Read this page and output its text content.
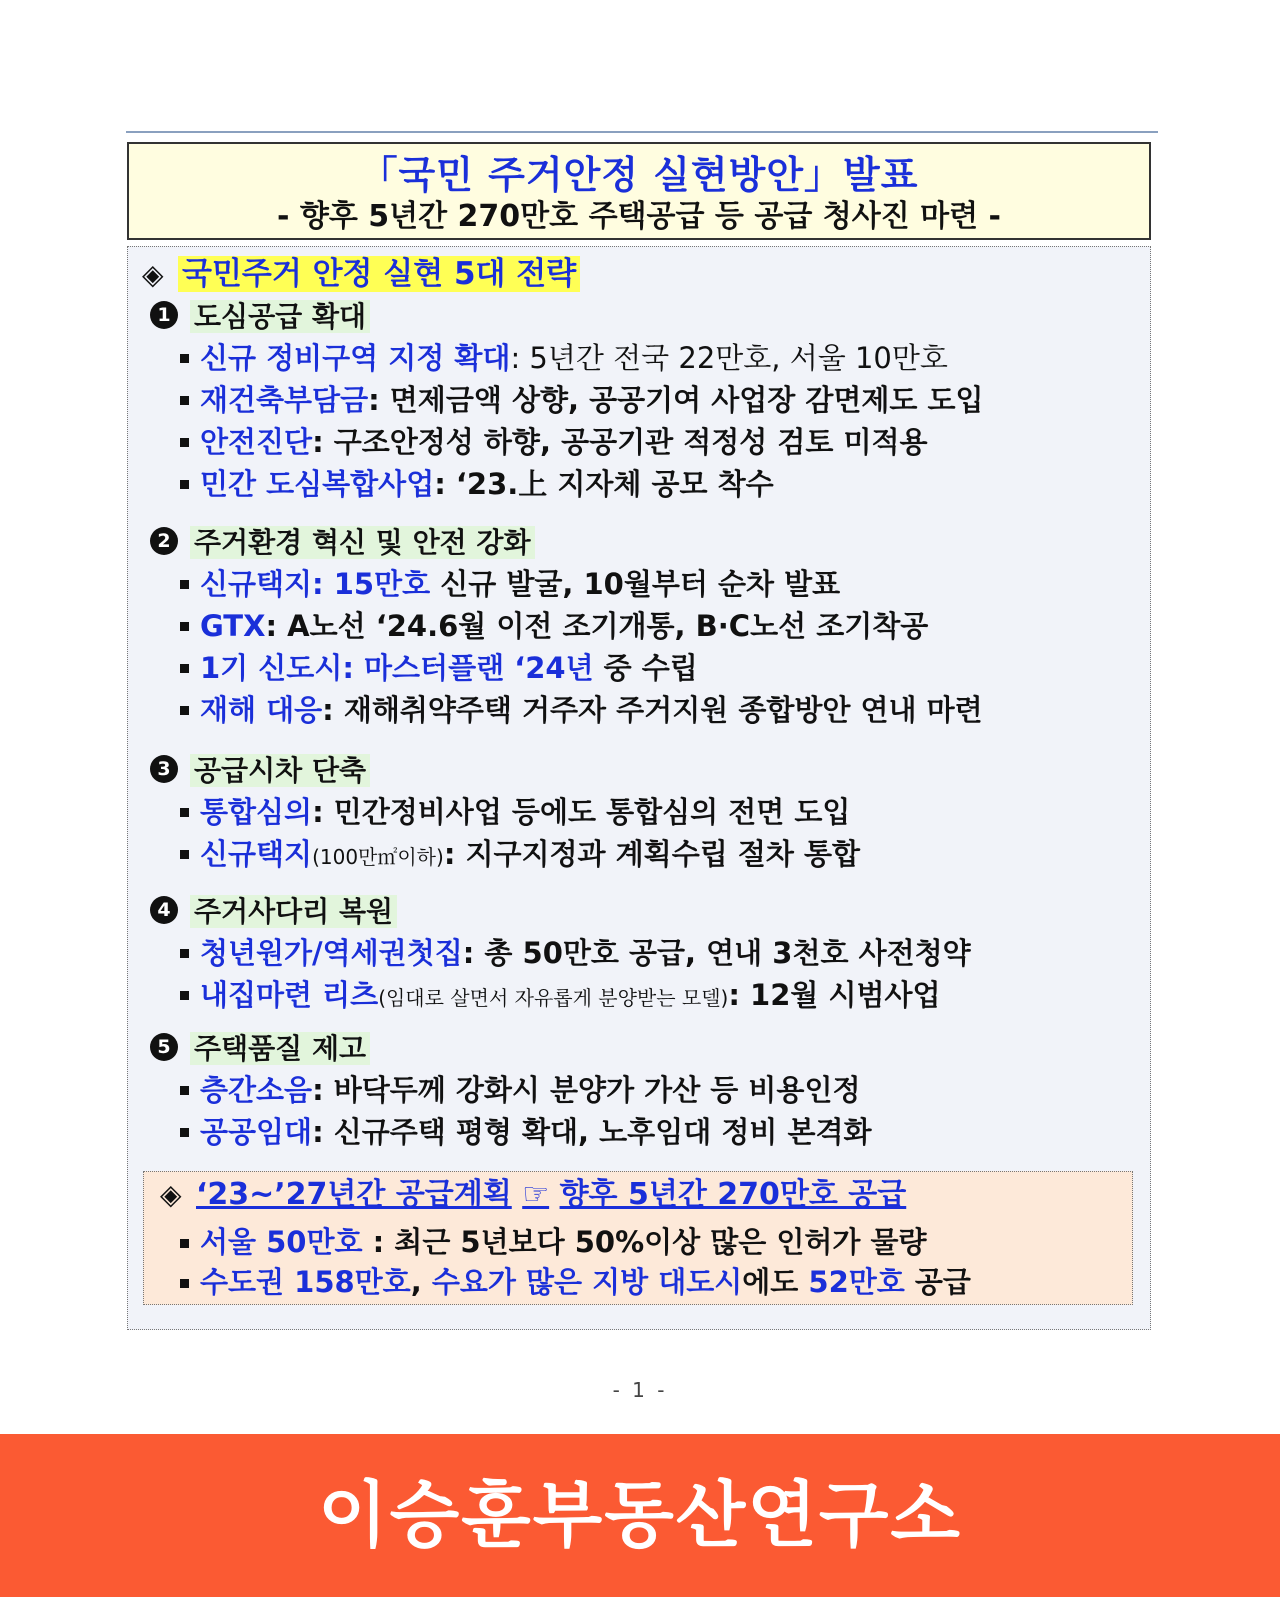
「국민 주거안정 실현방안」발표
- 향후 5년간 270만호 주택공급 등 공급 청사진 마련 -
◈ 국민주거 안정 실현 5대 전략
1 도심공급 확대
신규 정비구역 지정 확대: 5년간 전국 22만호, 서울 10만호
재건축부담금: 면제금액 상향, 공공기여 사업장 감면제도 도입
안전진단: 구조안정성 하향, 공공기관 적정성 검토 미적용
민간 도심복합사업: ‘23.上 지자체 공모 착수
2 주거환경 혁신 및 안전 강화
신규택지: 15만호 신규 발굴, 10월부터 순차 발표
GTX: A노선 ‘24.6월 이전 조기개통, B·C노선 조기착공
1기 신도시: 마스터플랜 ‘24년 중 수립
재해 대응: 재해취약주택 거주자 주거지원 종합방안 연내 마련
3 공급시차 단축
통합심의: 민간정비사업 등에도 통합심의 전면 도입
신규택지(100만㎡이하): 지구지정과 계획수립 절차 통합
4 주거사다리 복원
청년원가/역세권첫집: 총 50만호 공급, 연내 3천호 사전청약
내집마련 리츠(임대로 살면서 자유롭게 분양받는 모델): 12월 시범사업
5 주택품질 제고
층간소음: 바닥두께 강화시 분양가 가산 등 비용인정
공공임대: 신규주택 평형 확대, 노후임대 정비 본격화
◈ ‘23~’27년간 공급계획 ☞ 향후 5년간 270만호 공급
서울 50만호 : 최근 5년보다 50%이상 많은 인허가 물량
수도권 158만호, 수요가 많은 지방 대도시에도 52만호 공급
- 1 -
이승훈부동산연구소
